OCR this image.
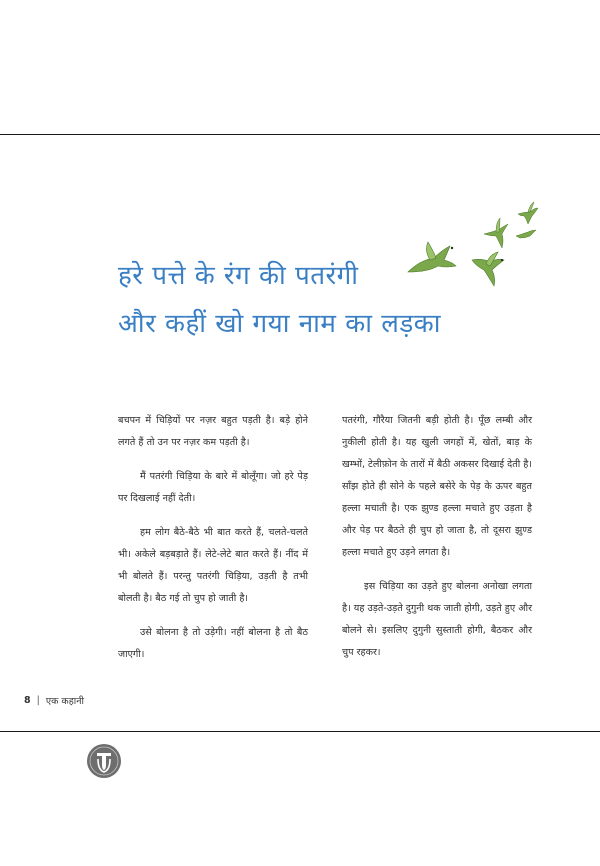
हरे पत्ते के रंग की पतरंगी
और कहीं खो गया नाम का लड़का

बचपन में चिड़ियों पर नज़र बहुत पड़ती है। बड़े होने लगते हैं तो उन पर नज़र कम पड़ती है।

मैं पतरंगी चिड़िया के बारे में बोलूँगा। जो हरे पेड़ पर दिखलाई नहीं देती।

हम लोग बैठे-बैठे भी बात करते हैं, चलते-चलते भी। अकेले बड़बड़ाते हैं। लेटे-लेटे बात करते हैं। नींद में भी बोलते हैं। परन्तु पतरंगी चिड़िया, उड़ती है तभी बोलती है। बैठ गई तो चुप हो जाती है।

उसे बोलना है तो उड़ेगी। नहीं बोलना है तो बैठ जाएगी।

पतरंगी, गौरैया जितनी बड़ी होती है। पूँछ लम्बी और नुकीली होती है। यह खुली जगहों में, खेतों, बाड़ के खम्भों, टेलीफ़ोन के तारों में बैठी अकसर दिखाई देती है। साँझ होते ही सोने के पहले बसेरे के पेड़ के ऊपर बहुत हल्ला मचाती है। एक झुण्ड हल्ला मचाते हुए उड़ता है और पेड़ पर बैठते ही चुप हो जाता है, तो दूसरा झुण्ड हल्ला मचाते हुए उड़ने लगता है।

इस चिड़िया का उड़ते हुए बोलना अनोखा लगता है। यह उड़ते-उड़ते दुगुनी थक जाती होगी, उड़ते हुए और बोलने से। इसलिए दुगुनी सुस्ताती होगी, बैठकर और चुप रहकर।

8 | एक कहानी
